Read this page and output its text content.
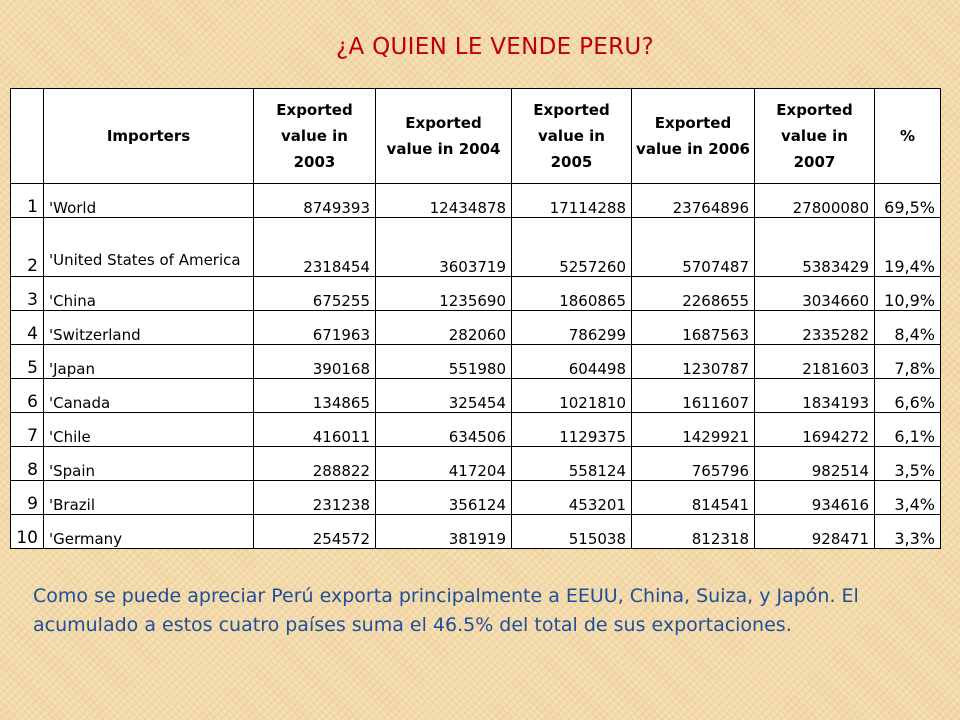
¿A QUIEN LE VENDE PERU?
	Importers	Exported value in 2003	Exported value in 2004	Exported value in 2005	Exported value in 2006	Exported value in 2007	%
1	'World	8749393	12434878	17114288	23764896	27800080	69,5%
2	'United States of America	2318454	3603719	5257260	5707487	5383429	19,4%
3	'China	675255	1235690	1860865	2268655	3034660	10,9%
4	'Switzerland	671963	282060	786299	1687563	2335282	8,4%
5	'Japan	390168	551980	604498	1230787	2181603	7,8%
6	'Canada	134865	325454	1021810	1611607	1834193	6,6%
7	'Chile	416011	634506	1129375	1429921	1694272	6,1%
8	'Spain	288822	417204	558124	765796	982514	3,5%
9	'Brazil	231238	356124	453201	814541	934616	3,4%
10	'Germany	254572	381919	515038	812318	928471	3,3%

Como se puede apreciar Perú exporta principalmente a EEUU, China, Suiza, y Japón. El acumulado a estos cuatro países suma el 46.5% del total de sus exportaciones.
